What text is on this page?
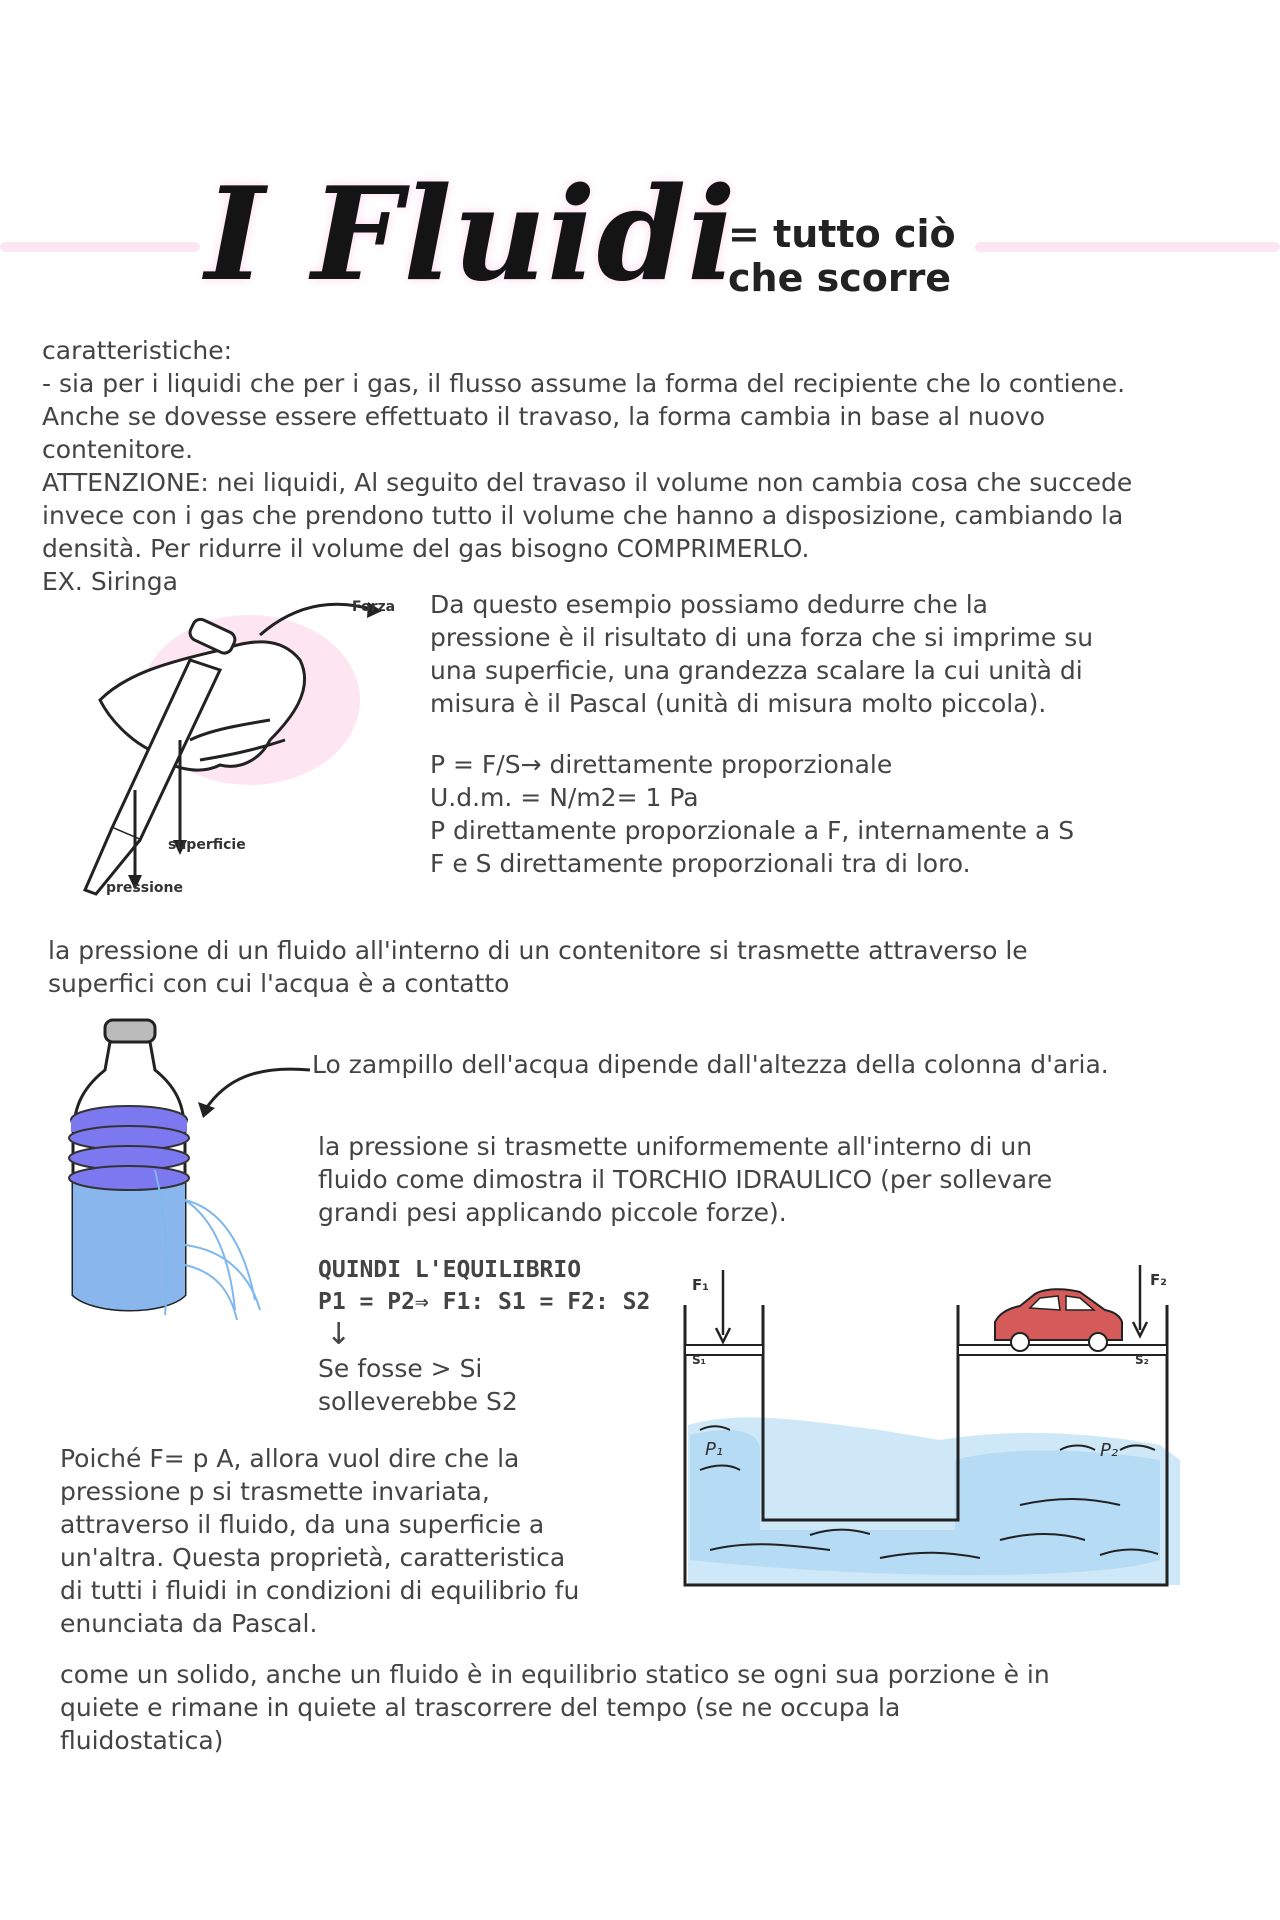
I Fluidi
= tutto ciò
che scorre
caratteristiche:
- sia per i liquidi che per i gas, il flusso assume la forma del recipiente che lo contiene.
Anche se dovesse essere effettuato il travaso, la forma cambia in base al nuovo
contenitore.
ATTENZIONE: nei liquidi, Al seguito del travaso il volume non cambia cosa che succede
invece con i gas che prendono tutto il volume che hanno a disposizione, cambiando la
densità. Per ridurre il volume del gas bisogno COMPRIMERLO.
EX. Siringa
Forza
superficie
pressione
Da questo esempio possiamo dedurre che la
pressione è il risultato di una forza che si imprime su
una superficie, una grandezza scalare la cui unità di
misura è il Pascal (unità di misura molto piccola).
P = F/S→ direttamente proporzionale
U.d.m. = N/m2= 1 Pa
P direttamente proporzionale a F, internamente a S
F e S direttamente proporzionali tra di loro.
la pressione di un fluido all'interno di un contenitore si trasmette attraverso le
superfici con cui l'acqua è a contatto
Lo zampillo dell'acqua dipende dall'altezza della colonna d'aria.
la pressione si trasmette uniformemente all'interno di un
fluido come dimostra il TORCHIO IDRAULICO (per sollevare
grandi pesi applicando piccole forze).
QUINDI L'EQUILIBRIO
P1 = P2⇒ F1: S1 = F2: S2
↓
Se fosse > Si
solleverebbe S2
F₁	F₂
S₁	S₂
P₁	P₂
Poiché F= p A, allora vuol dire che la
pressione p si trasmette invariata,
attraverso il fluido, da una superficie a
un'altra. Questa proprietà, caratteristica
di tutti i fluidi in condizioni di equilibrio fu
enunciata da Pascal.
come un solido, anche un fluido è in equilibrio statico se ogni sua porzione è in
quiete e rimane in quiete al trascorrere del tempo (se ne occupa la
fluidostatica)
